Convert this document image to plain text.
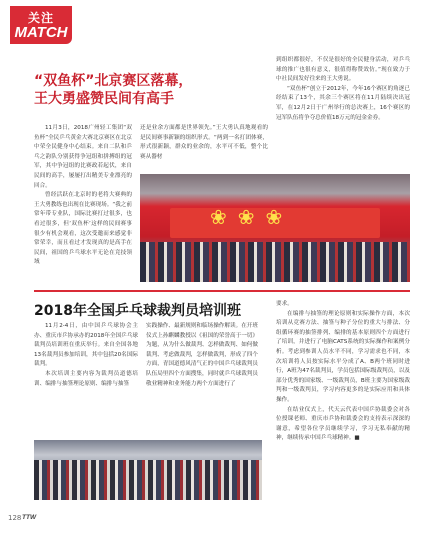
关注
MATCH
“双鱼杯”北京赛区落幕，
王大勇盛赞民间有高手

11月3日，2018广州轻工集团“双鱼杯”全民乒乓黄金大赛北京赛区在北京中荣全民健身中心结束。来自二队和乒乓之韵队分别获得争冠组和拼搏组的冠军，其中争冠组的比赛政若起伏，来自民间的高手，屡屡打出精美专业漂亮的回合。

曾经活跃在北京时的老将大赛典的王大勇教练也出现在比赛现场。“我之前常年带专业队，国际比赛打过很多，也看过很多，但‘双鱼杯’这样的民间赛事很少有机会观看，这次受邀而来感觉非常荣幸，而且看过才发现真的是高手在民间，祖国的乒乓球水平无论在竞技领域

还是业余方面都是世界领先。”王大勇认真地观看的是民间赛事新颖的组织形式。“两到一名打团体赛，形式很新颖，群众的业余的，水平可不低，整个比赛从器材

到组织都很好，不仅是很好的全民健身活动，对乒乓球的推广也很有意义，很值得称赞效仿。”现在致力于中社民间发好往来的王大勇说。

“双鱼杯”创立于2012年，今年16个赛区的角逐已经结束了13个，其余三个赛区将在11月陆续决出冠军，在12月2日于广州举行的总决赛上，16个赛区的冠军队伍将争夺总价值18万元的冠金金券。

❀ ❀ ❀
2018年全国乒乓球裁判员培训班

11月2-4日，由中国乒乓球协会主办、重庆市乒协承办的2018年全国乒乓球裁判员培训班在重庆举行。来自全国各地13名裁判员参加培训，其中包括20名国际裁判。

本次培训主要内容为裁判员道德培训、编排与抽签理论原则、编排与抽签

实践操作、最新规则和临场操作解读。在开班仪式上孙麒麟教授以《祖国的荣誉高于一切》为题，从为什么做裁判、怎样做裁判、如何做裁判、考虑做裁判，怎样做裁判，形成了四个方面，青国道德风清气正的中国乒乓球裁判员队伍局里四个方面搜集，同时就乒乓球裁判员敬业精神和业务能力两个方面进行了

要求。

在编排与抽签的理论原则和实际操作方面，本次培训从竞赛方法、抽签与种子分位的重大与排法、分组循环赛的抽签排列、编排的基本原则四个方面进行了培训，并进行了电脑CATS系统的实际操作和案例分析。考虑到参训人员水平不同，学习需求也不同，本次培训将人员按实际水平分成了A、B两个班同时进行，A班为47名裁判员，学员包括国际级裁判员，以及部分优秀的国家级、一级裁判员，B班主要为国家级裁判和一级裁判员，学习内容更多的是实际应用和具体操作。

在结业仪式上，代天云代表中国乒协裁委会对各位授课老师、重庆市乒协和裁委会的支持表示深深的谢意，希望各位学员继续学习，学习无私奉献的精神，继续传承中国乒乓球精神。■

128 TTW
